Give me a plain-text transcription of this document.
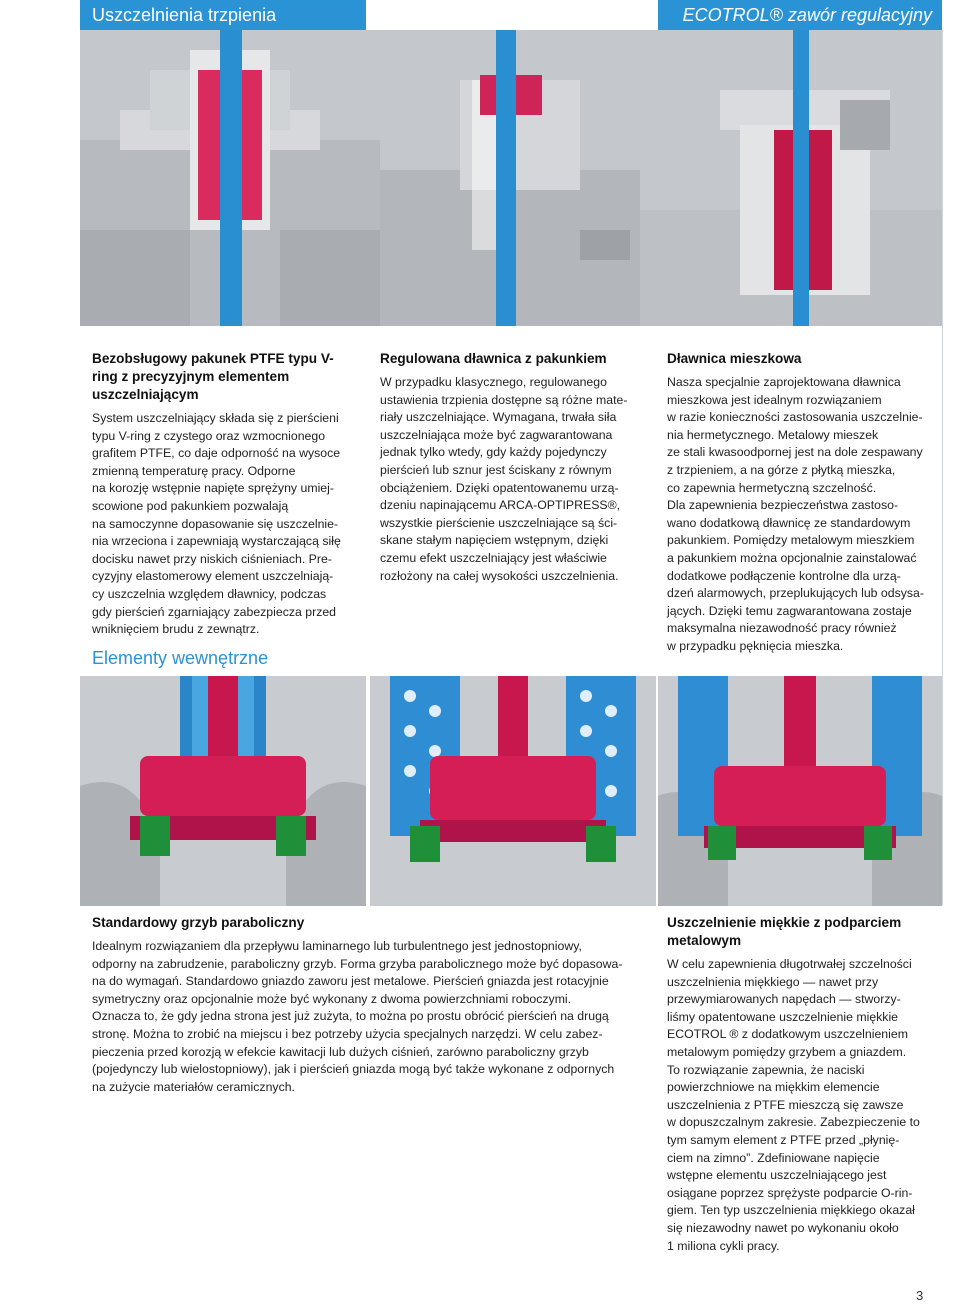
Uszczelnienia trzpienia	ECOTROL® zawór regulacyjny
Bezobsługowy pakunek PTFE typu V-ring z precyzyjnym elementem uszczelniającym

System uszczelniający składa się z pierścieni
typu V-ring z czystego oraz wzmocnionego
grafitem PTFE, co daje odporność na wysoce
zmienną temperaturę pracy. Odporne
na korozję wstępnie napięte sprężyny umiej-
scowione pod pakunkiem pozwalają
na samoczynne dopasowanie się uszczelnie-
nia wrzeciona i zapewniają wystarczającą siłę
docisku nawet przy niskich ciśnieniach. Pre-
cyzyjny elastomerowy element uszczelniają-
cy uszczelnia względem dławnicy, podczas
gdy pierścień zgarniający zabezpiecza przed
wniknięciem brudu z zewnątrz.

Regulowana dławnica z pakunkiem

W przypadku klasycznego, regulowanego
ustawienia trzpienia dostępne są różne mate-
riały uszczelniające. Wymagana, trwała siła
uszczelniająca może być zagwarantowana
jednak tylko wtedy, gdy każdy pojedynczy
pierścień lub sznur jest ściskany z równym
obciążeniem. Dzięki opatentowanemu urzą-
dzeniu napinającemu ARCA-OPTIPRESS®,
wszystkie pierścienie uszczelniające są ści-
skane stałym napięciem wstępnym, dzięki
czemu efekt uszczelniający jest właściwie
rozłożony na całej wysokości uszczelnienia.

Dławnica mieszkowa

Nasza specjalnie zaprojektowana dławnica
mieszkowa jest idealnym rozwiązaniem
w razie konieczności zastosowania uszczelnie-
nia hermetycznego. Metalowy mieszek
ze stali kwasoodpornej jest na dole zespawany
z trzpieniem, a na górze z płytką mieszka,
co zapewnia hermetyczną szczelność.
Dla zapewnienia bezpieczeństwa zastoso-
wano dodatkową dławnicę ze standardowym
pakunkiem. Pomiędzy metalowym mieszkiem
a pakunkiem można opcjonalnie zainstalować
dodatkowe podłączenie kontrolne dla urzą-
dzeń alarmowych, przeplukujących lub odsysa-
jących. Dzięki temu zagwarantowana zostaje
maksymalna niezawodność pracy również
w przypadku pęknięcia mieszka.

Elementy wewnętrzne
Standardowy grzyb paraboliczny

Idealnym rozwiązaniem dla przepływu laminarnego lub turbulentnego jest jednostopniowy,
odporny na zabrudzenie, paraboliczny grzyb. Forma grzyba parabolicznego może być dopasowa-
na do wymagań. Standardowo gniazdo zaworu jest metalowe. Pierścień gniazda jest rotacyjnie
symetryczny oraz opcjonalnie może być wykonany z dwoma powierzchniami roboczymi.
Oznacza to, że gdy jedna strona jest już zużyta, to można po prostu obrócić pierścień na drugą
stronę. Można to zrobić na miejscu i bez potrzeby użycia specjalnych narzędzi. W celu zabez-
pieczenia przed korozją w efekcie kawitacji lub dużych ciśnień, zarówno paraboliczny grzyb
(pojedynczy lub wielostopniowy), jak i pierścień gniazda mogą być także wykonane z odpornych
na zużycie materiałów ceramicznych.

Uszczelnienie miękkie z podparciem metalowym

W celu zapewnienia długotrwałej szczelności
uszczelnienia miękkiego — nawet przy
przewymiarowanych napędach — stworzy-
liśmy opatentowane uszczelnienie miękkie
ECOTROL ® z dodatkowym uszczelnieniem
metalowym pomiędzy grzybem a gniazdem.
To rozwiązanie zapewnia, że naciski
powierzchniowe na miękkim elemencie
uszczelnienia z PTFE mieszczą się zawsze
w dopuszczalnym zakresie. Zabezpieczenie to
tym samym element z PTFE przed „płynię-
ciem na zimno”. Zdefiniowane napięcie
wstępne elementu uszczelniającego jest
osiągane poprzez sprężyste podparcie O-rin-
giem. Ten typ uszczelnienia miękkiego okazał
się niezawodny nawet po wykonaniu około
1 miliona cykli pracy.

3
